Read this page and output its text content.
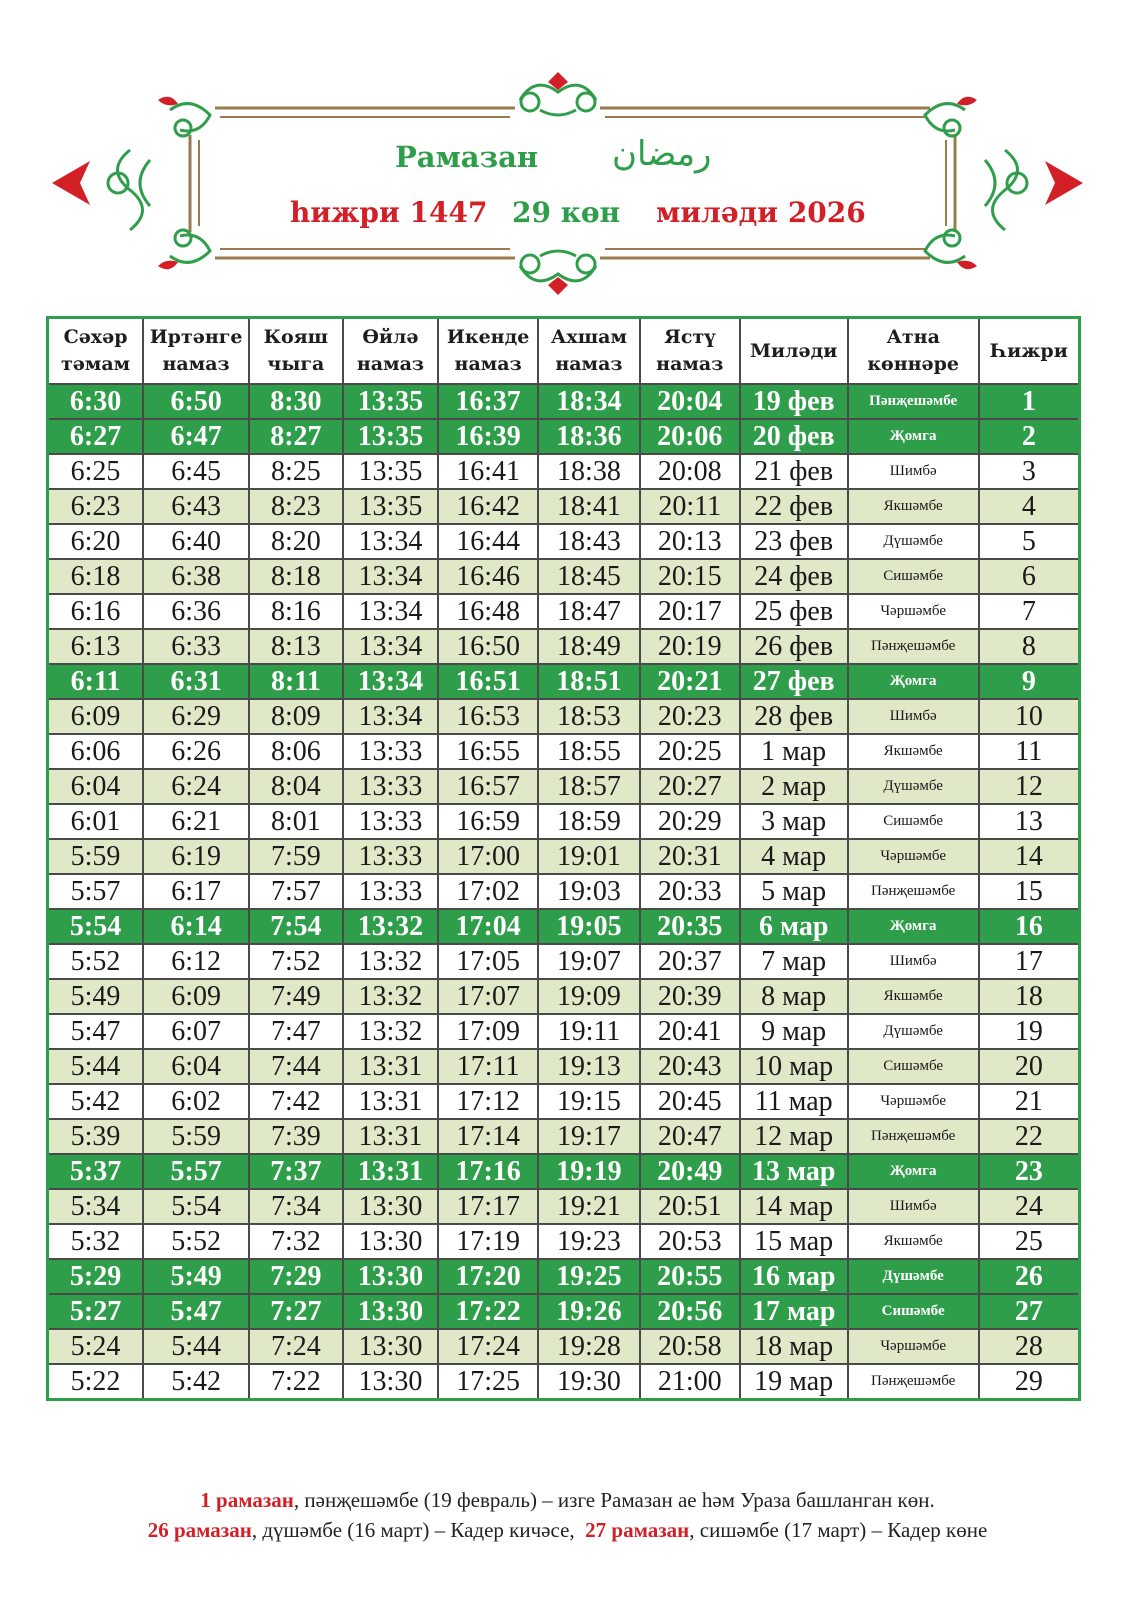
Рамазан رمضان
һижри 1447 29 көн миләди 2026
Сәхәр тәмам	Иртәнге намаз	Кояш чыга	Өйлә намаз	Икенде намаз	Ахшам намаз	Ястү намаз	Миләди	Атна көннәре	Һижри
6:30	6:50	8:30	13:35	16:37	18:34	20:04	19 фев	Пәнҗешәмбе	1
6:27	6:47	8:27	13:35	16:39	18:36	20:06	20 фев	Җомга	2
6:25	6:45	8:25	13:35	16:41	18:38	20:08	21 фев	Шимбә	3
6:23	6:43	8:23	13:35	16:42	18:41	20:11	22 фев	Якшәмбе	4
6:20	6:40	8:20	13:34	16:44	18:43	20:13	23 фев	Дүшәмбе	5
6:18	6:38	8:18	13:34	16:46	18:45	20:15	24 фев	Сишәмбе	6
6:16	6:36	8:16	13:34	16:48	18:47	20:17	25 фев	Чәршәмбе	7
6:13	6:33	8:13	13:34	16:50	18:49	20:19	26 фев	Пәнҗешәмбе	8
6:11	6:31	8:11	13:34	16:51	18:51	20:21	27 фев	Җомга	9
6:09	6:29	8:09	13:34	16:53	18:53	20:23	28 фев	Шимбә	10
6:06	6:26	8:06	13:33	16:55	18:55	20:25	1 мар	Якшәмбе	11
6:04	6:24	8:04	13:33	16:57	18:57	20:27	2 мар	Дүшәмбе	12
6:01	6:21	8:01	13:33	16:59	18:59	20:29	3 мар	Сишәмбе	13
5:59	6:19	7:59	13:33	17:00	19:01	20:31	4 мар	Чәршәмбе	14
5:57	6:17	7:57	13:33	17:02	19:03	20:33	5 мар	Пәнҗешәмбе	15
5:54	6:14	7:54	13:32	17:04	19:05	20:35	6 мар	Җомга	16
5:52	6:12	7:52	13:32	17:05	19:07	20:37	7 мар	Шимбә	17
5:49	6:09	7:49	13:32	17:07	19:09	20:39	8 мар	Якшәмбе	18
5:47	6:07	7:47	13:32	17:09	19:11	20:41	9 мар	Дүшәмбе	19
5:44	6:04	7:44	13:31	17:11	19:13	20:43	10 мар	Сишәмбе	20
5:42	6:02	7:42	13:31	17:12	19:15	20:45	11 мар	Чәршәмбе	21
5:39	5:59	7:39	13:31	17:14	19:17	20:47	12 мар	Пәнҗешәмбе	22
5:37	5:57	7:37	13:31	17:16	19:19	20:49	13 мар	Җомга	23
5:34	5:54	7:34	13:30	17:17	19:21	20:51	14 мар	Шимбә	24
5:32	5:52	7:32	13:30	17:19	19:23	20:53	15 мар	Якшәмбе	25
5:29	5:49	7:29	13:30	17:20	19:25	20:55	16 мар	Дүшәмбе	26
5:27	5:47	7:27	13:30	17:22	19:26	20:56	17 мар	Сишәмбе	27
5:24	5:44	7:24	13:30	17:24	19:28	20:58	18 мар	Чәршәмбе	28
5:22	5:42	7:22	13:30	17:25	19:30	21:00	19 мар	Пәнҗешәмбе	29
1 рамазан, пәнҗешәмбе (19 февраль) – изге Рамазан ае һәм Ураза башланган көн.
26 рамазан, дүшәмбе (16 март) – Кадер кичәсе,  27 рамазан, сишәмбе (17 март) – Кадер көне
